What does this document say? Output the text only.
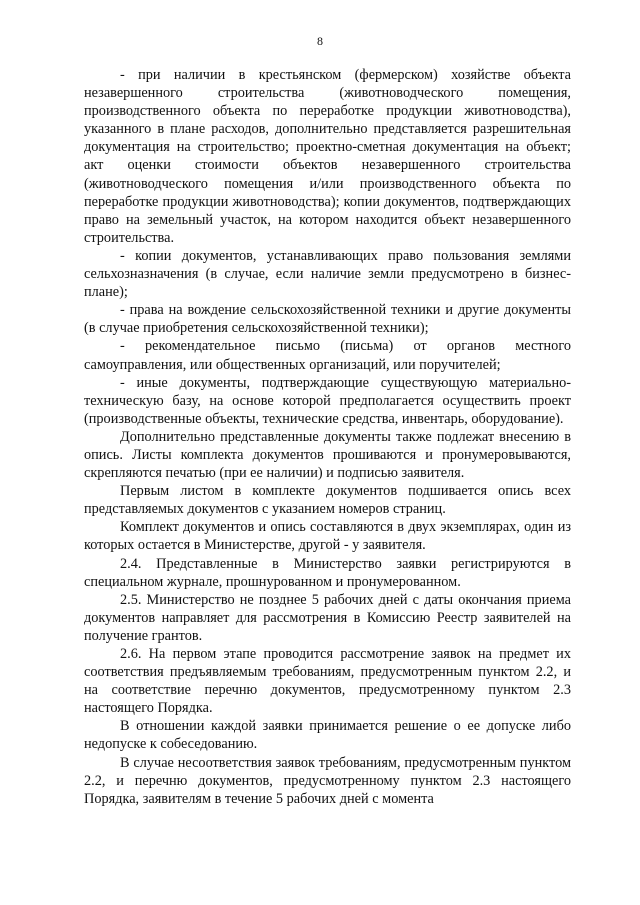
8

- при наличии в крестьянском (фермерском) хозяйстве объекта незавершенного строительства (животноводческого помещения, производственного объекта по переработке продукции животноводства), указанного в плане расходов, дополнительно представляется разрешительная документация на строительство; проектно-сметная документация на объект; акт оценки стоимости объектов незавершенного строительства (животноводческого помещения и/или производственного объекта по переработке продукции животноводства); копии документов, подтверждающих право на земельный участок, на котором находится объект незавершенного строительства.

- копии документов, устанавливающих право пользования землями сельхозназначения (в случае, если наличие земли предусмотрено в бизнес-плане);

- права на вождение сельскохозяйственной техники и другие документы (в случае приобретения сельскохозяйственной техники);

- рекомендательное письмо (письма) от органов местного самоуправления, или общественных организаций, или поручителей;

- иные документы, подтверждающие существующую материально-техническую базу, на основе которой предполагается осуществить проект (производственные объекты, технические средства, инвентарь, оборудование).

Дополнительно представленные документы также подлежат внесению в опись. Листы комплекта документов прошиваются и пронумеровываются, скрепляются печатью (при ее наличии) и подписью заявителя.

Первым листом в комплекте документов подшивается опись всех представляемых документов с указанием номеров страниц.

Комплект документов и опись составляются в двух экземплярах, один из которых остается в Министерстве, другой - у заявителя.

2.4. Представленные в Министерство заявки регистрируются в специальном журнале, прошнурованном и пронумерованном.

2.5. Министерство не позднее 5 рабочих дней с даты окончания приема документов направляет для рассмотрения в Комиссию Реестр заявителей на получение грантов.

2.6. На первом этапе проводится рассмотрение заявок на предмет их соответствия предъявляемым требованиям, предусмотренным пунктом 2.2, и на соответствие перечню документов, предусмотренному пунктом 2.3 настоящего Порядка.

В отношении каждой заявки принимается решение о ее допуске либо недопуске к собеседованию.

В случае несоответствия заявок требованиям, предусмотренным пунктом 2.2, и перечню документов, предусмотренному пунктом 2.3 настоящего Порядка, заявителям в течение 5 рабочих дней с момента
